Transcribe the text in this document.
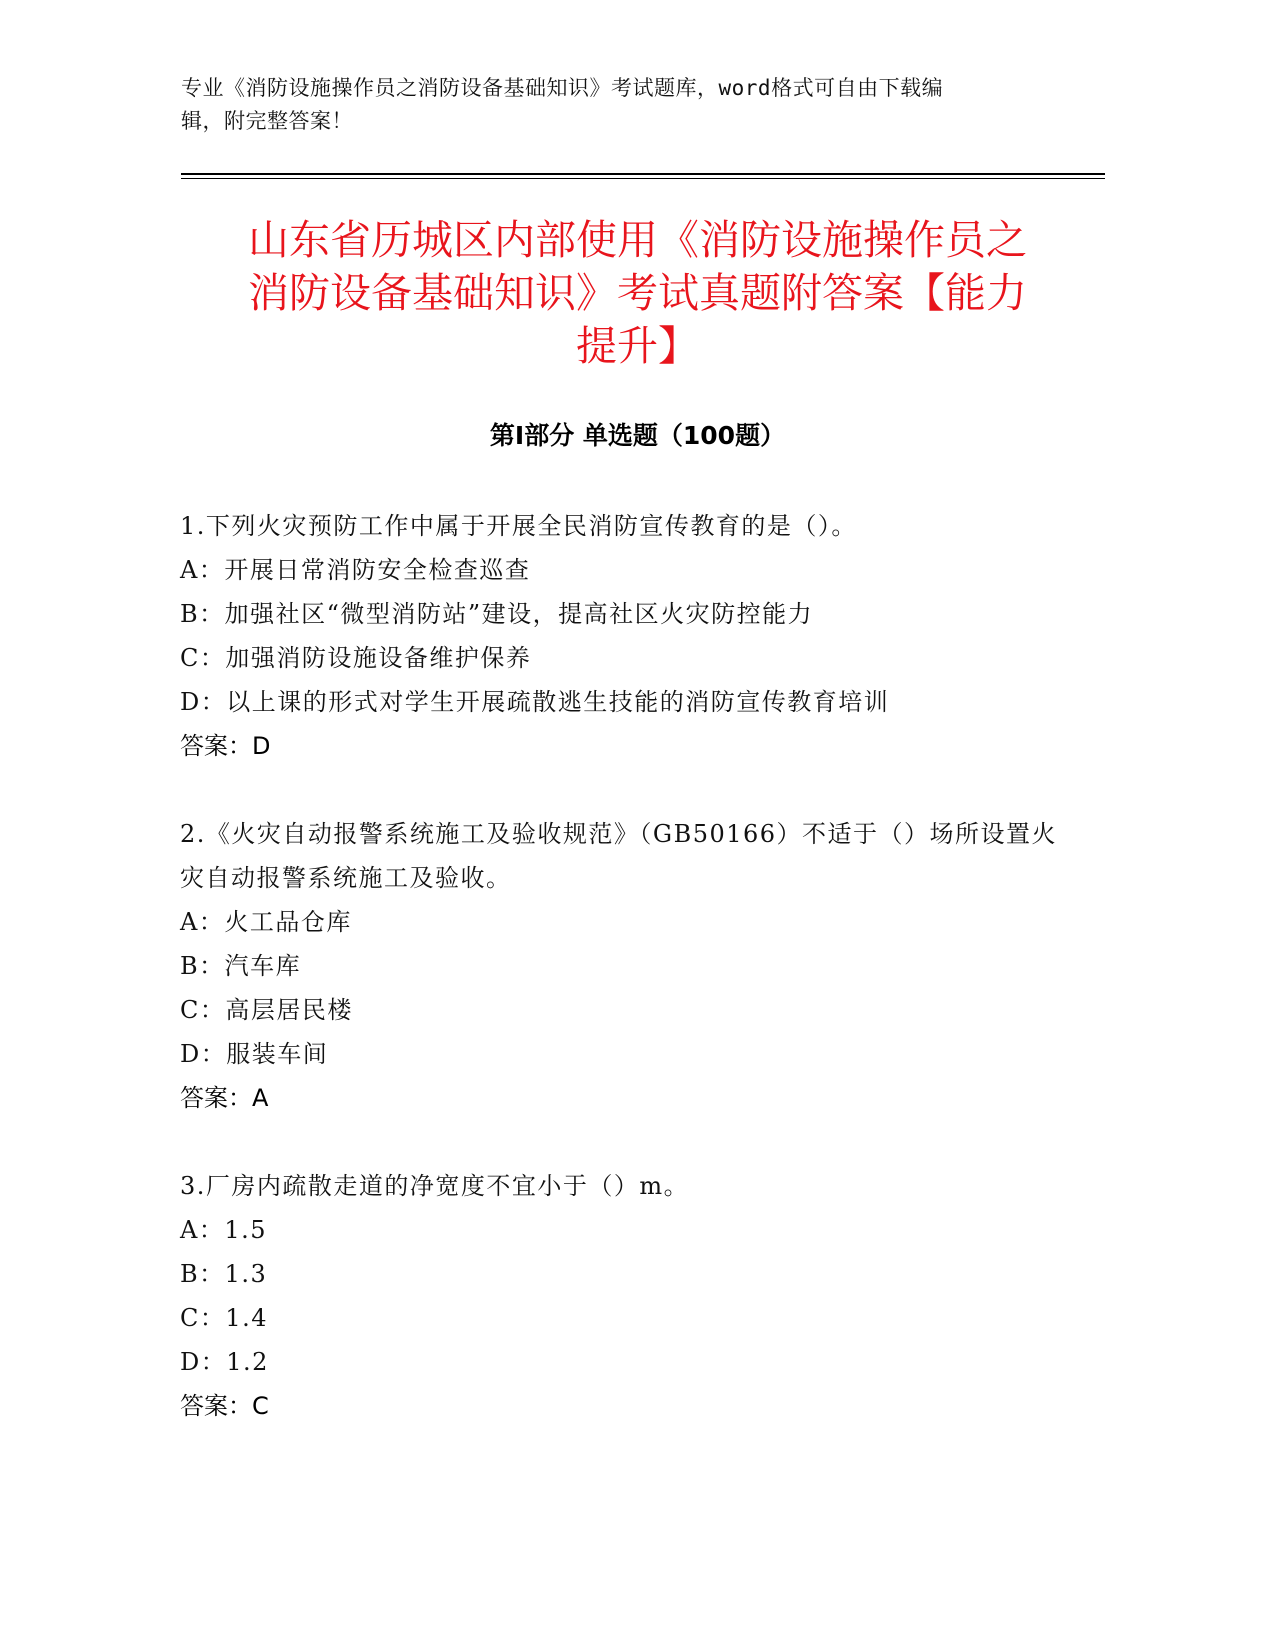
专业《消防设施操作员之消防设备基础知识》考试题库，word格式可自由下载编
辑，附完整答案！
山东省历城区内部使用《消防设施操作员之
消防设备基础知识》考试真题附答案【能力
提升】
第Ⅰ部分 单选题（100题）
1.下列火灾预防工作中属于开展全民消防宣传教育的是（）。
A：开展日常消防安全检查巡查
B：加强社区“微型消防站”建设，提高社区火灾防控能力
C：加强消防设施设备维护保养
D：以上课的形式对学生开展疏散逃生技能的消防宣传教育培训
答案：D
2.《火灾自动报警系统施工及验收规范》（GB50166）不适于（）场所设置火灾自动报警系统施工及验收。
A：火工品仓库
B：汽车库
C：高层居民楼
D：服装车间
答案：A
3.厂房内疏散走道的净宽度不宜小于（）m。
A：1.5
B：1.3
C：1.4
D：1.2
答案：C
